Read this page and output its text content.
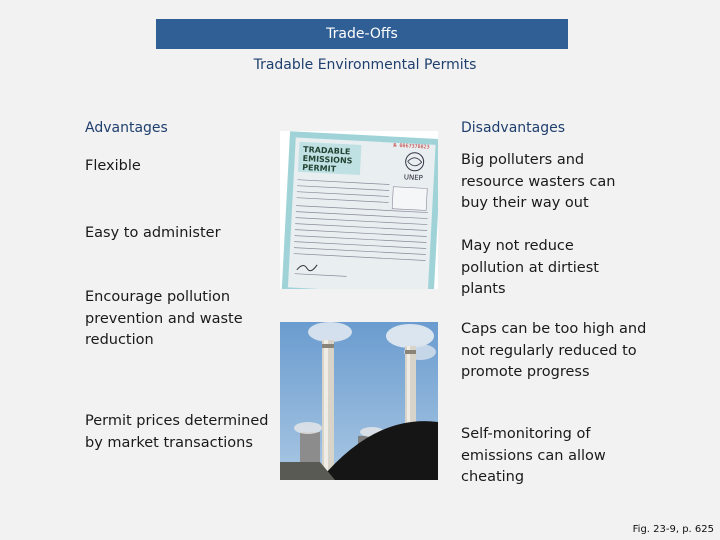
Trade-Offs
Tradable Environmental Permits
Advantages
Flexible
Easy to administer
Encourage pollution prevention and waste reduction
Permit prices determined by market transactions
Disadvantages
Big polluters and resource wasters can buy their way out
May not reduce pollution at dirtiest plants
Caps can be too high and not regularly reduced to promote progress
Self-monitoring of emissions can allow cheating
TRADABLE
EMISSIONS
PERMIT
№ 0067378823
UNEP
Fig. 23-9, p. 625
